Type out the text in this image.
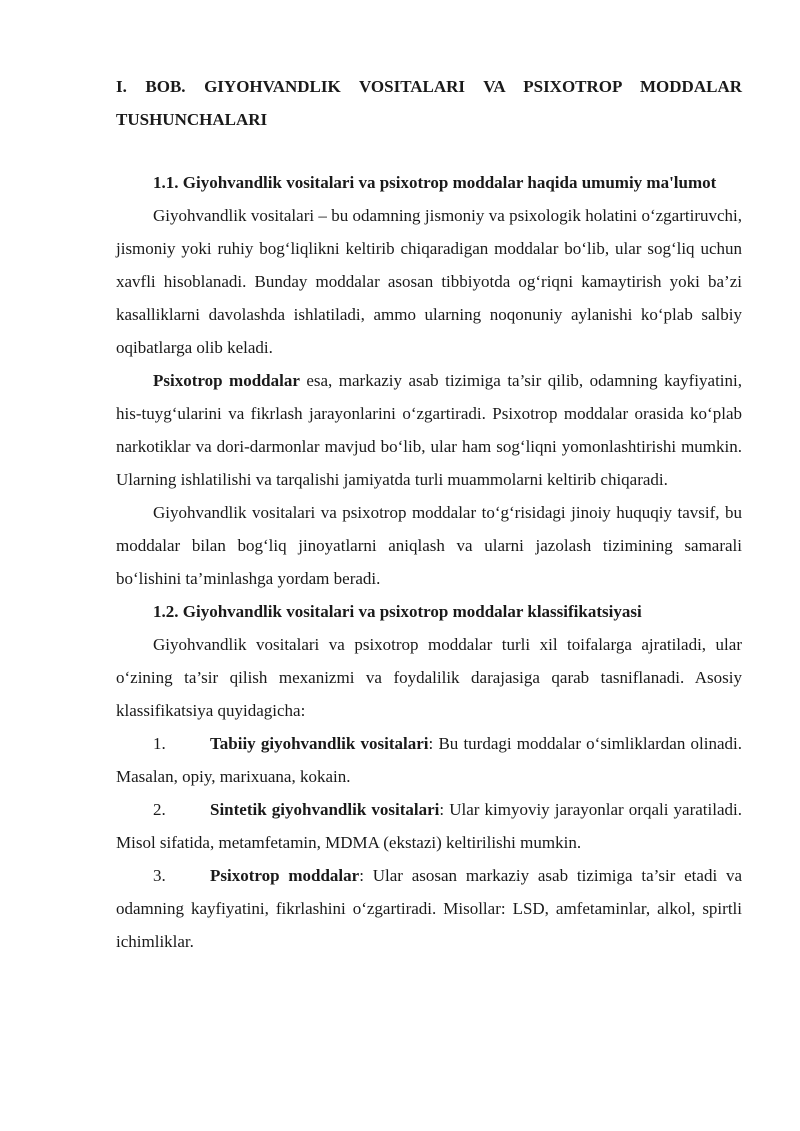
I. BOB. GIYOHVANDLIK VOSITALARI VA PSIXOTROP MODDALAR TUSHUNCHALARI

1.1. Giyohvandlik vositalari va psixotrop moddalar haqida umumiy ma'lumot

Giyohvandlik vositalari – bu odamning jismoniy va psixologik holatini o‘zgartiruvchi, jismoniy yoki ruhiy bog‘liqlikni keltirib chiqaradigan moddalar bo‘lib, ular sog‘liq uchun xavfli hisoblanadi. Bunday moddalar asosan tibbiyotda og‘riqni kamaytirish yoki ba’zi kasalliklarni davolashda ishlatiladi, ammo ularning noqonuniy aylanishi ko‘plab salbiy oqibatlarga olib keladi.

Psixotrop moddalar esa, markaziy asab tizimiga ta’sir qilib, odamning kayfiyatini, his-tuyg‘ularini va fikrlash jarayonlarini o‘zgartiradi. Psixotrop moddalar orasida ko‘plab narkotiklar va dori-darmonlar mavjud bo‘lib, ular ham sog‘liqni yomonlashtirishi mumkin. Ularning ishlatilishi va tarqalishi jamiyatda turli muammolarni keltirib chiqaradi.

Giyohvandlik vositalari va psixotrop moddalar to‘g‘risidagi jinoiy huquqiy tavsif, bu moddalar bilan bog‘liq jinoyatlarni aniqlash va ularni jazolash tizimining samarali bo‘lishini ta’minlashga yordam beradi.

1.2. Giyohvandlik vositalari va psixotrop moddalar klassifikatsiyasi

Giyohvandlik vositalari va psixotrop moddalar turli xil toifalarga ajratiladi, ular o‘zining ta’sir qilish mexanizmi va foydalilik darajasiga qarab tasniflanadi. Asosiy klassifikatsiya quyidagicha:

1.	Tabiiy giyohvandlik vositalari: Bu turdagi moddalar o‘simliklardan olinadi. Masalan, opiy, marixuana, kokain.

2.	Sintetik giyohvandlik vositalari: Ular kimyoviy jarayonlar orqali yaratiladi. Misol sifatida, metamfetamin, MDMA (ekstazi) keltirilishi mumkin.

3.	Psixotrop moddalar: Ular asosan markaziy asab tizimiga ta’sir etadi va odamning kayfiyatini, fikrlashini o‘zgartiradi. Misollar: LSD, amfetaminlar, alkol, spirtli ichimliklar.
